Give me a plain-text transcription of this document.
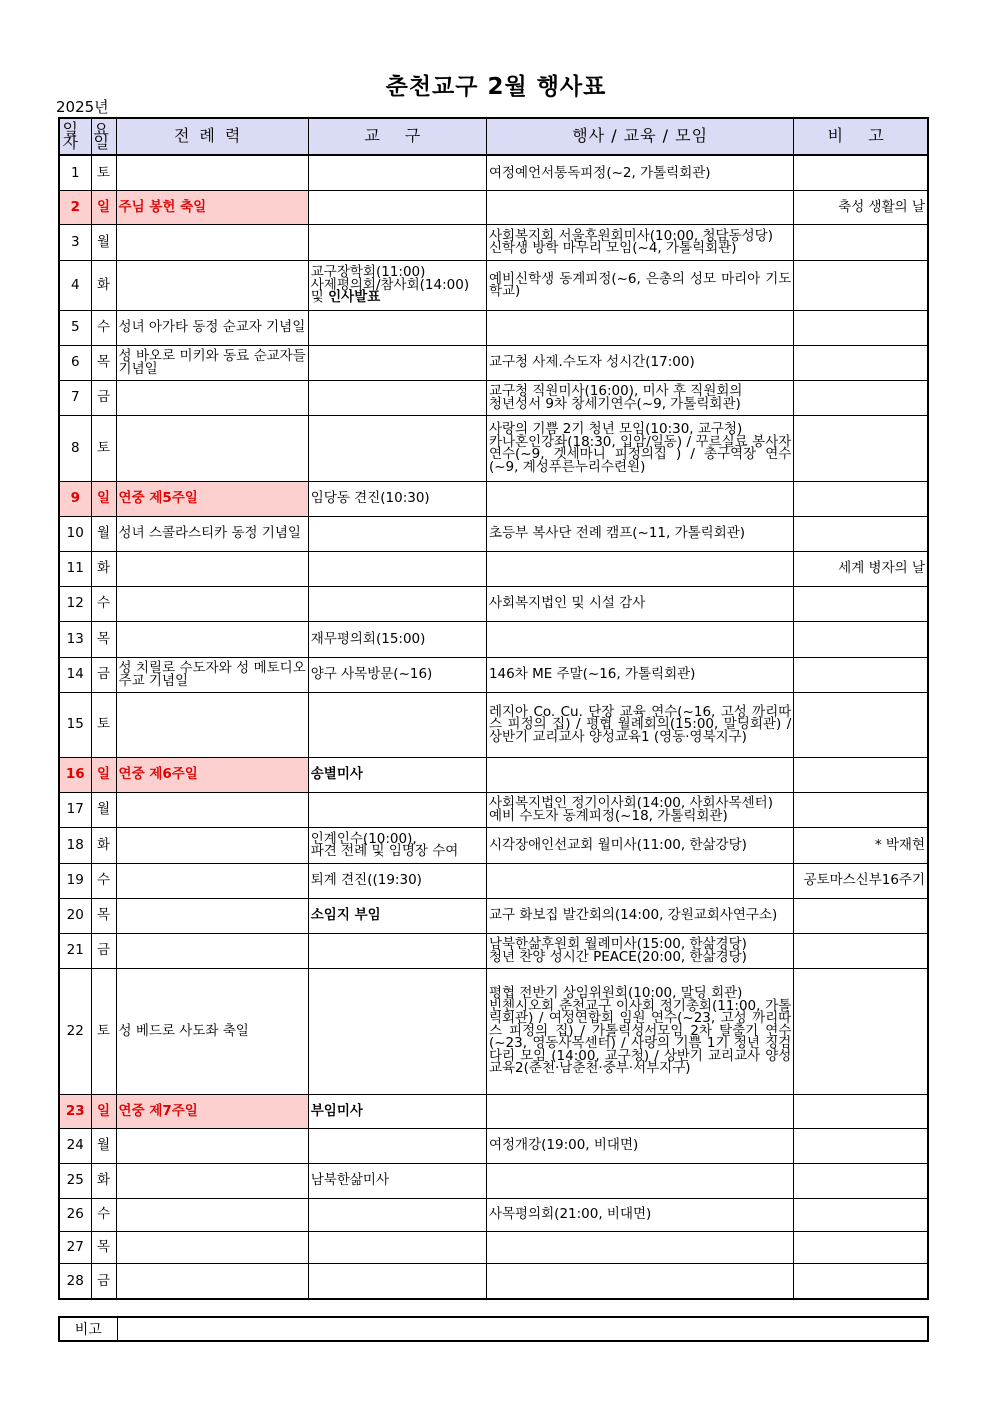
춘천교구 2월 행사표
2025년
일자	요일	전례력	교 구	행사 / 교육 / 모임	비 고
1	토			여정예언서통독피정(~2, 가톨릭회관)	
2	일	주님 봉헌 축일			축성 생활의 날
3	월			사회복지회 서울후원회미사(10:00, 청담동성당)
신학생 방학 마무리 모임(~4, 가톨릭회관)	
4	화		교구장학회(11:00)
사제평의회/참사회(14:00)
및 인사발표	예비신학생 동계피정(~6, 은총의 성모 마리아 기도학교)	
5	수	성녀 아가타 동정 순교자 기념일			
6	목	성 바오로 미키와 동료 순교자들 기념일		교구청 사제.수도자 성시간(17:00)	
7	금			교구청 직원미사(16:00), 미사 후 직원회의
청년성서 9차 창세기연수(~9, 가톨릭회관)	
8	토			사랑의 기쁨 2기 청년 모임(10:30, 교구청)
카나혼인강좌(18:30, 입암/일동) / 꾸르실료 봉사자 연수(~9, 겟세마니 피정의집 ) / 총구역장 연수(~9, 계성푸른누리수련원)	
9	일	연중 제5주일	임당동 견진(10:30)		
10	월	성녀 스콜라스티카 동정 기념일		초등부 복사단 전례 캠프(~11, 가톨릭회관)	
11	화				세계 병자의 날
12	수			사회복지법인 및 시설 감사	
13	목		재무평의회(15:00)		
14	금	성 치릴로 수도자와 성 메토디오 주교 기념일	양구 사목방문(~16)	146차 ME 주말(~16, 가톨릭회관)	
15	토			레지아 Co. Cu. 단장 교육 연수(~16, 고성 까리따스 피정의 집) / 평협 월례회의(15:00, 말딩회관) / 상반기 교리교사 양성교육1 (영동·영북지구)	
16	일	연중 제6주일	송별미사		
17	월			사회복지법인 정기이사회(14:00, 사회사목센터)
예비 수도자 동계피정(~18, 가톨릭회관)	
18	화		인계인수(10:00),
파견 전례 및 임명장 수여	시각장애인선교회 월미사(11:00, 한삶강당)	* 박재현
19	수		퇴계 견진((19:30)		공토마스신부16주기
20	목		소임지 부임	교구 화보집 발간회의(14:00, 강원교회사연구소)	
21	금			남북한삶후원회 월례미사(15:00, 한삶경당)
청년 찬양 성시간 PEACE(20:00, 한삶경당)	
22	토	성 베드로 사도좌 축일		평협 전반기 상임위원회(10:00, 말딩 회관)
빈첸시오회 춘천교구 이사회 정기총회(11:00, 가톨릭회관) / 여성연합회 임원 연수(~23, 고성 까리따스 피정의 집) / 가톨릭성서모임 2차 탈출기 연수(~23, 영동사목센터) / 사랑의 기쁨 1기 청년 징검다리 모임 (14:00, 교구청) / 상반기 교리교사 양성교육2(춘천·남춘천·중부·서부지구)	
23	일	연중 제7주일	부임미사		
24	월			여정개강(19:00, 비대면)	
25	화		남북한삶미사		
26	수			사목평의회(21:00, 비대면)	
27	목				
28	금				
비고	
